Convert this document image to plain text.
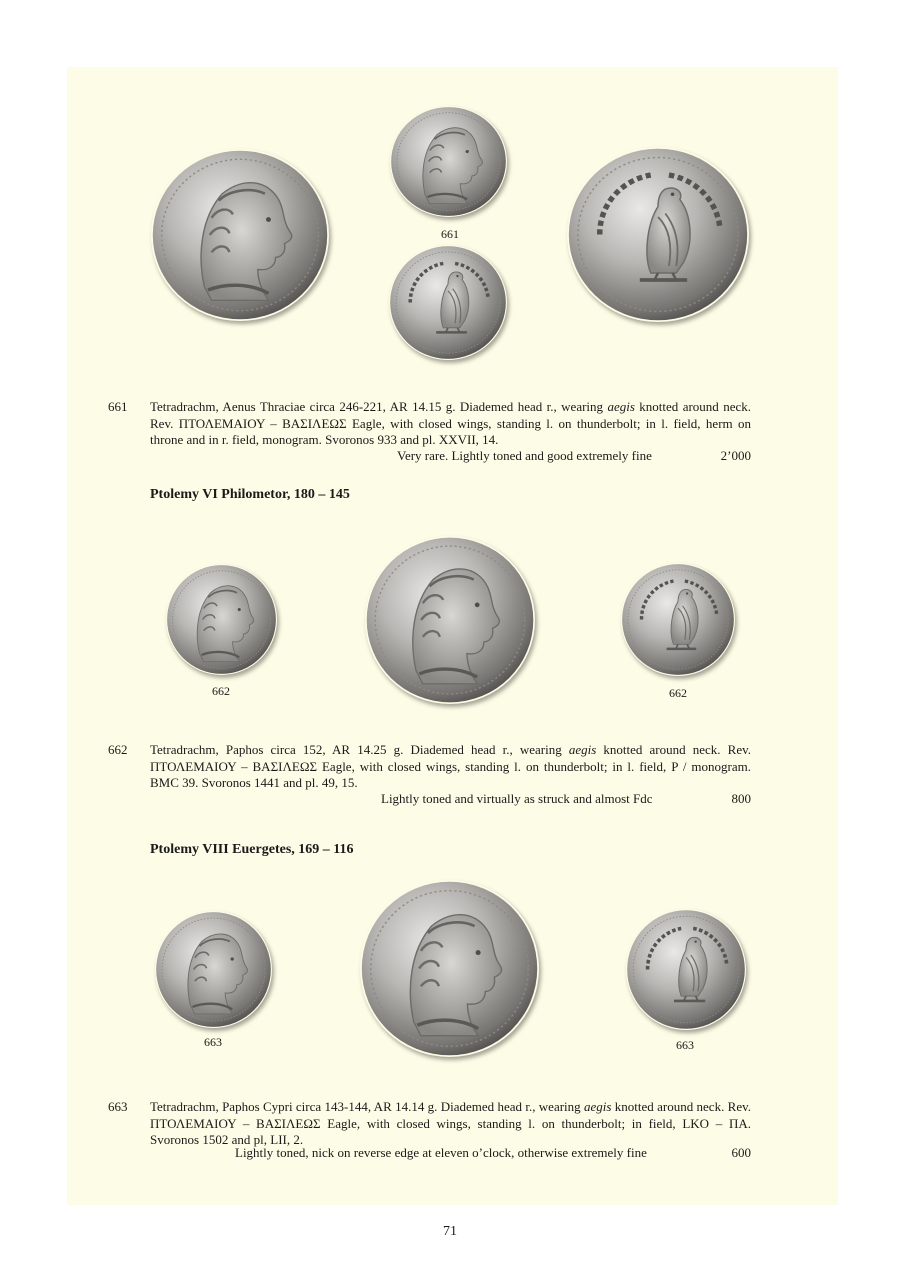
661
661 Tetradrachm, Aenus Thraciae circa 246-221, AR 14.15 g. Diademed head r., wearing aegis knotted around neck. Rev. ΠΤΟΛΕΜΑΙΟΥ – ΒΑΣΙΛΕΩΣ Eagle, with closed wings, standing l. on thunderbolt; in l. field, herm on throne and in r. field, monogram. Svoronos 933 and pl. XXVII, 14.
Very rare. Lightly toned and good extremely fine	2’000
Ptolemy VI Philometor, 180 – 145
662	662
662 Tetradrachm, Paphos circa 152, AR 14.25 g. Diademed head r., wearing aegis knotted around neck. Rev. ΠΤΟΛΕΜΑΙΟΥ – ΒΑΣΙΛΕΩΣ Eagle, with closed wings, standing l. on thunderbolt; in l. field, P / monogram. BMC 39. Svoronos 1441 and pl. 49, 15.
Lightly toned and virtually as struck and almost Fdc	800
Ptolemy VIII Euergetes, 169 – 116
663	663
663 Tetradrachm, Paphos Cypri circa 143-144, AR 14.14 g. Diademed head r., wearing aegis knotted around neck. Rev. ΠΤΟΛΕΜΑΙΟΥ – ΒΑΣΙΛΕΩΣ Eagle, with closed wings, standing l. on thunderbolt; in field, LKO – ΠΑ. Svoronos 1502 and pl, LII, 2.
Lightly toned, nick on reverse edge at eleven o’clock, otherwise extremely fine	600
71
